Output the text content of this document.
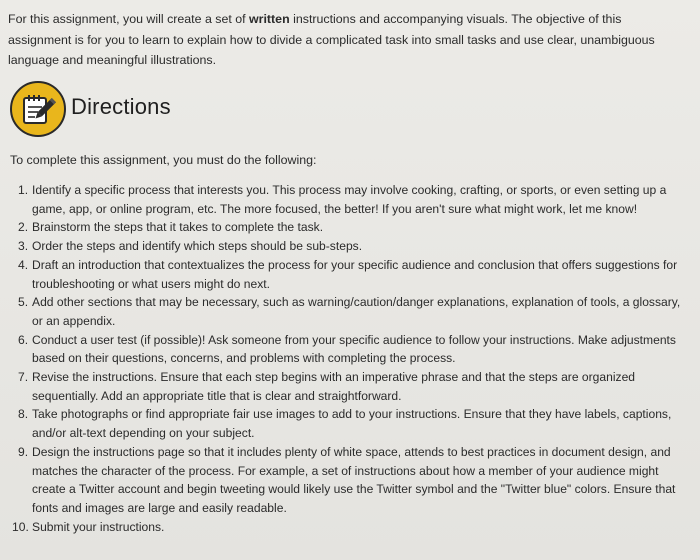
For this assignment, you will create a set of written instructions and accompanying visuals. The objective of this assignment is for you to learn to explain how to divide a complicated task into small tasks and use clear, unambiguous language and meaningful illustrations.

Directions

To complete this assignment, you must do the following:

1. Identify a specific process that interests you. This process may involve cooking, crafting, or sports, or even setting up a game, app, or online program, etc. The more focused, the better! If you aren't sure what might work, let me know!
2. Brainstorm the steps that it takes to complete the task.
3. Order the steps and identify which steps should be sub-steps.
4. Draft an introduction that contextualizes the process for your specific audience and conclusion that offers suggestions for troubleshooting or what users might do next.
5. Add other sections that may be necessary, such as warning/caution/danger explanations, explanation of tools, a glossary, or an appendix.
6. Conduct a user test (if possible)! Ask someone from your specific audience to follow your instructions. Make adjustments based on their questions, concerns, and problems with completing the process.
7. Revise the instructions. Ensure that each step begins with an imperative phrase and that the steps are organized sequentially. Add an appropriate title that is clear and straightforward.
8. Take photographs or find appropriate fair use images to add to your instructions. Ensure that they have labels, captions, and/or alt-text depending on your subject.
9. Design the instructions page so that it includes plenty of white space, attends to best practices in document design, and matches the character of the process. For example, a set of instructions about how a member of your audience might create a Twitter account and begin tweeting would likely use the Twitter symbol and the "Twitter blue" colors. Ensure that fonts and images are large and easily readable.
10. Submit your instructions.
